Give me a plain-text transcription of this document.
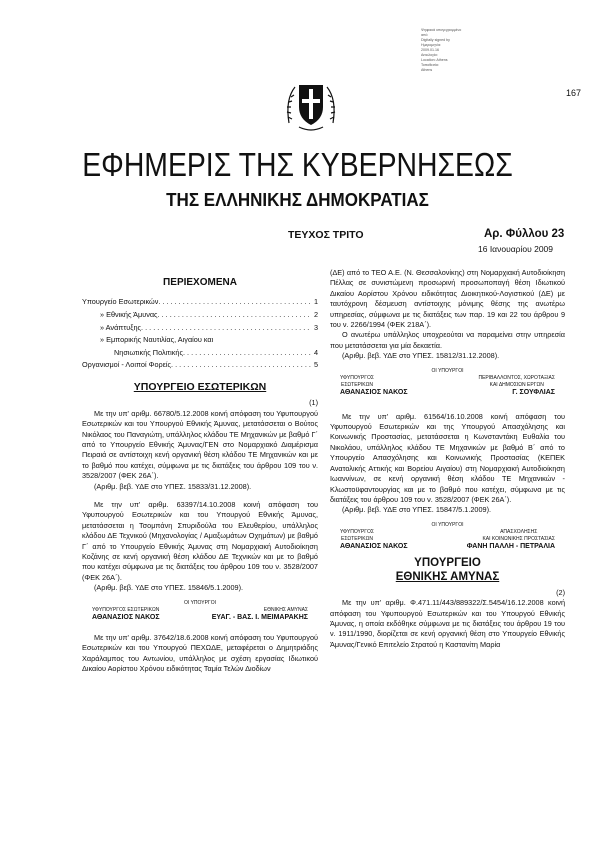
Ψηφιακά υπογεγραμμένο
από
Digitally signed by
Ημερομηνία:
2009.01.16
Αιτιολογία:
Location: Athens
Τοποθεσία:
Athens
167
ΕΦΗΜΕΡΙΣ ΤΗΣ ΚΥΒΕΡΝΗΣΕΩΣ
ΤΗΣ ΕΛΛΗΝΙΚΗΣ ΔΗΜΟΚΡΑΤΙΑΣ
ΤΕΥΧΟΣ ΤΡΙΤΟ	Αρ. Φύλλου 23
16 Ιανουαρίου 2009
ΠΕΡΙΕΧΟΜΕΝΑ
Υπουργείο Εσωτερικών . . .	1
» Εθνικής Άμυνας . . .	2
» Ανάπτυξης . . .	3
» Εμπορικής Ναυτιλίας, Αιγαίου και
Νησιωτικής Πολιτικής . . .	4
Οργανισμοί - Λοιποί Φορείς . . .	5
ΥΠΟΥΡΓΕΙΟ ΕΣΩΤΕΡΙΚΩΝ
(1)

Με την υπ' αριθμ. 66780/5.12.2008 κοινή απόφαση του Υφυπουργού Εσωτερικών και του Υπουργού Εθνικής Άμυνας, μετατάσσεται ο Βούτος Νικόλαος του Παναγιώτη, υπάλληλος κλάδου ΤΕ Μηχανικών με βαθμό Γ΄ από το Υπουργείο Εθνικής Άμυνας/ΓΕΝ στο Νομαρχιακό Διαμέρισμα Πειραιά σε αντίστοιχη κενή οργανική θέση κλάδου ΤΕ Μηχανικών και με το βαθμό που κατέχει, σύμφωνα με τις διατάξεις του άρθρου 109 του ν. 3528/2007 (ΦΕΚ 26Α΄).

(Αριθμ. βεβ. ΥΔΕ στο ΥΠΕΣ. 15833/31.12.2008).

Με την υπ' αριθμ. 63397/14.10.2008 κοινή απόφαση του Υφυπουργού Εσωτερικών και του Υπουργού Εθνικής Άμυνας, μετατάσσεται η Τσομπάνη Σπυριδούλα του Ελευθερίου, υπάλληλος κλάδου ΔΕ Τεχνικού (Μηχανολογίας / Αμαξωμάτων Οχημάτων) με βαθμό Γ΄ από το Υπουργείο Εθνικής Άμυνας στη Νομαρχιακή Αυτοδιοίκηση Κοζάνης σε κενή οργανική θέση κλάδου ΔΕ Τεχνικών και με το βαθμό που κατέχει σύμφωνα με τις διατάξεις του άρθρου 109 του ν. 3528/2007 (ΦΕΚ 26Α΄).

(Αριθμ. βεβ. ΥΔΕ στο ΥΠΕΣ. 15846/5.1.2009).

ΟΙ ΥΠΟΥΡΓΟΙ
ΥΦΥΠΟΥΡΓΟΣ ΕΣΩΤΕΡΙΚΩΝ	ΕΘΝΙΚΗΣ ΑΜΥΝΑΣ
ΑΘΑΝΑΣΙΟΣ ΝΑΚΟΣ	ΕΥΑΓ. - ΒΑΣ. Ι. ΜΕΙΜΑΡΑΚΗΣ

Με την υπ' αριθμ. 37642/18.6.2008 κοινή απόφαση του Υφυπουργού Εσωτερικών και του Υπουργού ΠΕΧΩΔΕ, μεταφέρεται ο Δημητριάδης Χαράλαμπος του Αντωνίου, υπάλληλος με σχέση εργασίας Ιδιωτικού Δικαίου Αορίστου Χρόνου ειδικότητας Ταμία Τελών Διοδίων

(ΔΕ) από το ΤΕΟ Α.Ε. (Ν. Θεσσαλονίκης) στη Νομαρχιακή Αυτοδιοίκηση Πέλλας σε συνιστώμενη προσωρινή προσωποπαγή θέση Ιδιωτικού Δικαίου Αορίστου Χρόνου ειδικότητας Διοικητικού-Λογιστικού (ΔΕ) με ταυτόχρονη δέσμευση αντίστοιχης μόνιμης θέσης της ανωτέρω υπηρεσίας, σύμφωνα με τις διατάξεις των παρ. 19 και 22 του άρθρου 9 του ν. 2266/1994 (ΦΕΚ 218Α΄).

Ο ανωτέρω υπάλληλος υποχρεούται να παραμείνει στην υπηρεσία που μετατάσσεται για μία δεκαετία.

(Αριθμ. βεβ. ΥΔΕ στο ΥΠΕΣ. 15812/31.12.2008).

ΟΙ ΥΠΟΥΡΓΟΙ
ΥΦΥΠΟΥΡΓΟΣ
ΕΣΩΤΕΡΙΚΩΝ
ΠΕΡΙΒΑΛΛΟΝΤΟΣ, ΧΩΡΟΤΑΞΙΑΣ
ΚΑΙ ΔΗΜΟΣΙΩΝ ΕΡΓΩΝ
ΑΘΑΝΑΣΙΟΣ ΝΑΚΟΣ	Γ. ΣΟΥΦΛΙΑΣ

Με την υπ' αριθμ. 61564/16.10.2008 κοινή απόφαση του Υφυπουργού Εσωτερικών και της Υπουργού Απασχόλησης και Κοινωνικής Προστασίας, μετατάσσεται η Κωνσταντάκη Ευθαλία του Νικολάου, υπάλληλος κλάδου ΤΕ Μηχανικών με βαθμό Β΄ από το Υπουργείο Απασχόλησης και Κοινωνικής Προστασίας (ΚΕΠΕΚ Ανατολικής Αττικής και Βορείου Αιγαίου) στη Νομαρχιακή Αυτοδιοίκηση Ιωαννίνων, σε κενή οργανική θέση κλάδου ΤΕ Μηχανικών - Κλωστοϋφαντουργίας και με το βαθμό που κατέχει, σύμφωνα με τις διατάξεις του άρθρου 109 του ν. 3528/2007 (ΦΕΚ 26Α΄).

(Αριθμ. βεβ. ΥΔΕ στο ΥΠΕΣ. 15847/5.1.2009).

ΟΙ ΥΠΟΥΡΓΟΙ
ΥΦΥΠΟΥΡΓΟΣ
ΕΣΩΤΕΡΙΚΩΝ
ΑΠΑΣΧΟΛΗΣΗΣ
ΚΑΙ ΚΟΙΝΩΝΙΚΗΣ ΠΡΟΣΤΑΣΙΑΣ
ΑΘΑΝΑΣΙΟΣ ΝΑΚΟΣ	ΦΑΝΗ ΠΑΛΛΗ - ΠΕΤΡΑΛΙΑ
ΥΠΟΥΡΓΕΙΟ
ΕΘΝΙΚΗΣ ΑΜΥΝΑΣ
(2)

Με την υπ' αριθμ. Φ.471.11/443/889322/Σ.5454/16.12.2008 κοινή απόφαση του Υφυπουργού Εσωτερικών και του Υπουργού Εθνικής Άμυνας, η οποία εκδόθηκε σύμφωνα με τις διατάξεις του άρθρου 19 του ν. 1911/1990, διορίζεται σε κενή οργανική θέση στο Υπουργείο Εθνικής Άμυνας/Γενικό Επιτελείο Στρατού η Καστανίτη Μαρία
